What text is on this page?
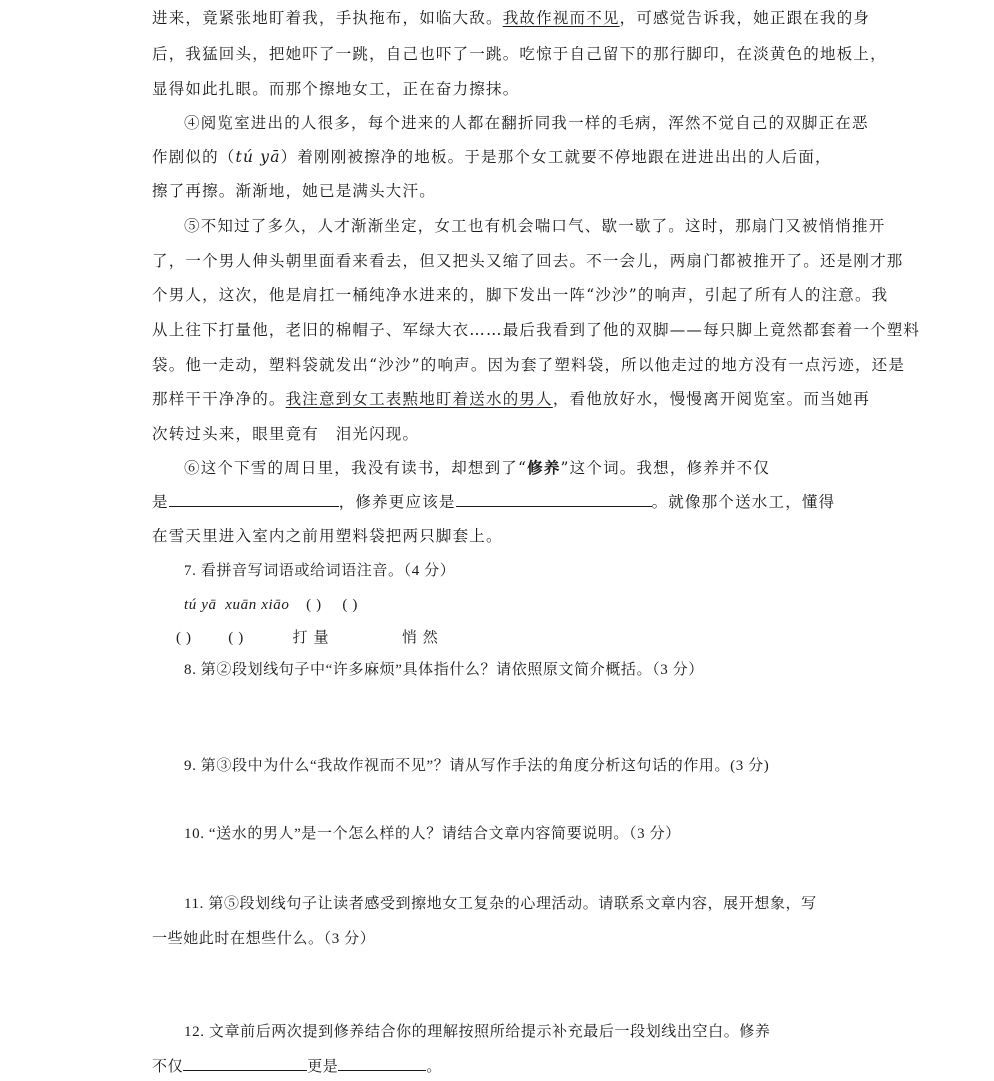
进来，竟紧张地盯着我，手执拖布，如临大敌。我故作视而不见，可感觉告诉我，她正跟在我的身
后，我猛回头，把她吓了一跳，自己也吓了一跳。吃惊于自己留下的那行脚印，在淡黄色的地板上，
显得如此扎眼。而那个擦地女工，正在奋力擦抹。
④阅览室进出的人很多，每个进来的人都在翻折同我一样的毛病，浑然不觉自己的双脚正在恶
作剧似的（tú yā）着刚刚被擦净的地板。于是那个女工就要不停地跟在进进出出的人后面，
擦了再擦。渐渐地，她已是满头大汗。
⑤不知过了多久，人才渐渐坐定，女工也有机会喘口气、歇一歇了。这时，那扇门又被悄悄推开
了，一个男人伸头朝里面看来看去，但又把头又缩了回去。不一会儿，两扇门都被推开了。还是刚才那
个男人，这次，他是肩扛一桶纯净水进来的，脚下发出一阵“沙沙”的响声，引起了所有人的注意。我
从上往下打量他，老旧的棉帽子、军绿大衣……最后我看到了他的双脚——每只脚上竟然都套着一个塑料
袋。他一走动，塑料袋就发出“沙沙”的响声。因为套了塑料袋，所以他走过的地方没有一点污迹，还是
那样干干净净的。我注意到女工表㸃地盯着送水的男人，看他放好水，慢慢离开阅览室。而当她再
次转过头来，眼里竟有　泪光闪现。
⑥这个下雪的周日里，我没有读书，却想到了“修养”这个词。我想，修养并不仅
是	，修养更应该是	。就像那个送水工，懂得
在雪天里进入室内之前用塑料袋把两只脚套上。
7. 看拼音写词语或给词语注音。（4 分）
tú yā xuān xiāo ( ) ( )
( ) ( )	打 量	悄 然
8. 第②段划线句子中“许多麻烦”具体指什么？请依照原文简介概括。（3 分）
9. 第③段中为什么“我故作视而不见”？请从写作手法的角度分析这句话的作用。(3 分)
10. “送水的男人”是一个怎么样的人？请结合文章内容简要说明。（3 分）
11. 第⑤段划线句子让读者感受到擦地女工复杂的心理活动。请联系文章内容，展开想象，写
一些她此时在想些什么。（3 分）
12. 文章前后两次提到修养结合你的理解按照所给提示补充最后一段划线出空白。修养
不仅	更是	。
